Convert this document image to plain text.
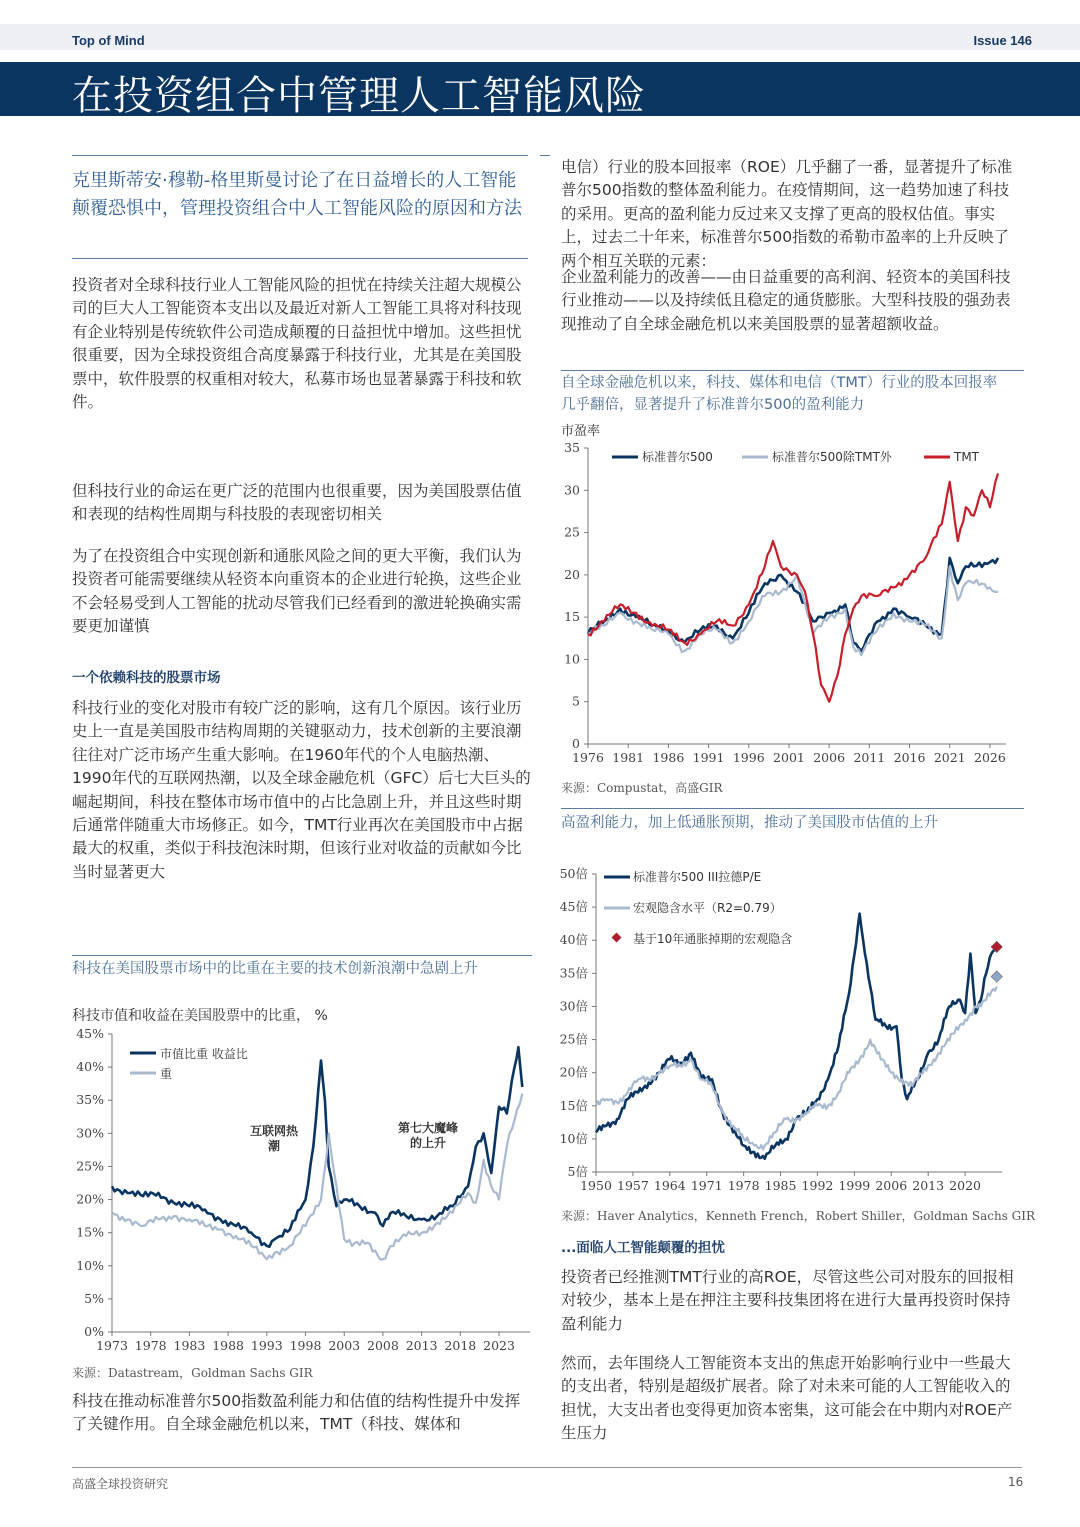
Top of Mind	Issue 146
在投资组合中管理人工智能风险
克里斯蒂安·穆勒-格里斯曼讨论了在日益增长的人工智能颠覆恐惧中，管理投资组合中人工智能风险的原因和方法
投资者对全球科技行业人工智能风险的担忧在持续关注超大规模公司的巨大人工智能资本支出以及最近对新人工智能工具将对科技现有企业特别是传统软件公司造成颠覆的日益担忧中增加。这些担忧很重要，因为全球投资组合高度暴露于科技行业，尤其是在美国股票中，软件股票的权重相对较大，私募市场也显著暴露于科技和软件。
但科技行业的命运在更广泛的范围内也很重要，因为美国股票估值和表现的结构性周期与科技股的表现密切相关
为了在投资组合中实现创新和通胀风险之间的更大平衡，我们认为投资者可能需要继续从轻资本向重资本的企业进行轮换，这些企业不会轻易受到人工智能的扰动尽管我们已经看到的激进轮换确实需要更加谨慎
一个依赖科技的股票市场
科技行业的变化对股市有较广泛的影响，这有几个原因。该行业历史上一直是美国股市结构周期的关键驱动力，技术创新的主要浪潮往往对广泛市场产生重大影响。在1960年代的个人电脑热潮、1990年代的互联网热潮，以及全球金融危机（GFC）后七大巨头的崛起期间，科技在整体市场市值中的占比急剧上升，并且这些时期后通常伴随重大市场修正。如今，TMT行业再次在美国股市中占据最大的权重，类似于科技泡沫时期，但该行业对收益的贡献如今比当时显著更大
科技在美国股票市场中的比重在主要的技术创新浪潮中急剧上升
科技市值和收益在美国股票中的比重， %
0%
5%
10%
15%
20%
25%
30%
35%
40%
45%
1973 1978 1983 1988 1993 1998 2003 2008 2013 2018 2023
市值比重 收益比
重
互联网热
潮
第七大魔峰
的上升
来源：Datastream，Goldman Sachs GIR
科技在推动标准普尔500指数盈利能力和估值的结构性提升中发挥了关键作用。自全球金融危机以来，TMT（科技、媒体和
电信）行业的股本回报率（ROE）几乎翻了一番，显著提升了标准普尔500指数的整体盈利能力。在疫情期间，这一趋势加速了科技的采用。更高的盈利能力反过来又支撑了更高的股权估值。事实上，过去二十年来，标准普尔500指数的希勒市盈率的上升反映了两个相互关联的元素：
企业盈利能力的改善——由日益重要的高利润、轻资本的美国科技行业推动——以及持续低且稳定的通货膨胀。大型科技股的强劲表现推动了自全球金融危机以来美国股票的显著超额收益。
自全球金融危机以来，科技、媒体和电信（TMT）行业的股本回报率几乎翻倍，显著提升了标准普尔500的盈利能力
市盈率
0
5
10
15
20
25
30
35
1976 1981 1986 1991 1996 2001 2006 2011 2016 2021 2026
标准普尔500	标准普尔500除TMT外	TMT
来源：Compustat，高盛GIR
高盈利能力，加上低通胀预期，推动了美国股市估值的上升
5倍
10倍
15倍
20倍
25倍
30倍
35倍
40倍
45倍
50倍
1950 1957 1964 1971 1978 1985 1992 1999 2006 2013 2020
标准普尔500 III拉德P/E
宏观隐含水平（R2=0.79）
基于10年通胀掉期的宏观隐含
来源：Haver Analytics，Kenneth French，Robert Shiller，Goldman Sachs GIR
...面临人工智能颠覆的担忧
投资者已经推测TMT行业的高ROE，尽管这些公司对股东的回报相对较少，基本上是在押注主要科技集团将在进行大量再投资时保持盈利能力
然而，去年围绕人工智能资本支出的焦虑开始影响行业中一些最大的支出者，特别是超级扩展者。除了对未来可能的人工智能收入的担忧，大支出者也变得更加资本密集，这可能会在中期内对ROE产生压力
高盛全球投资研究	16
